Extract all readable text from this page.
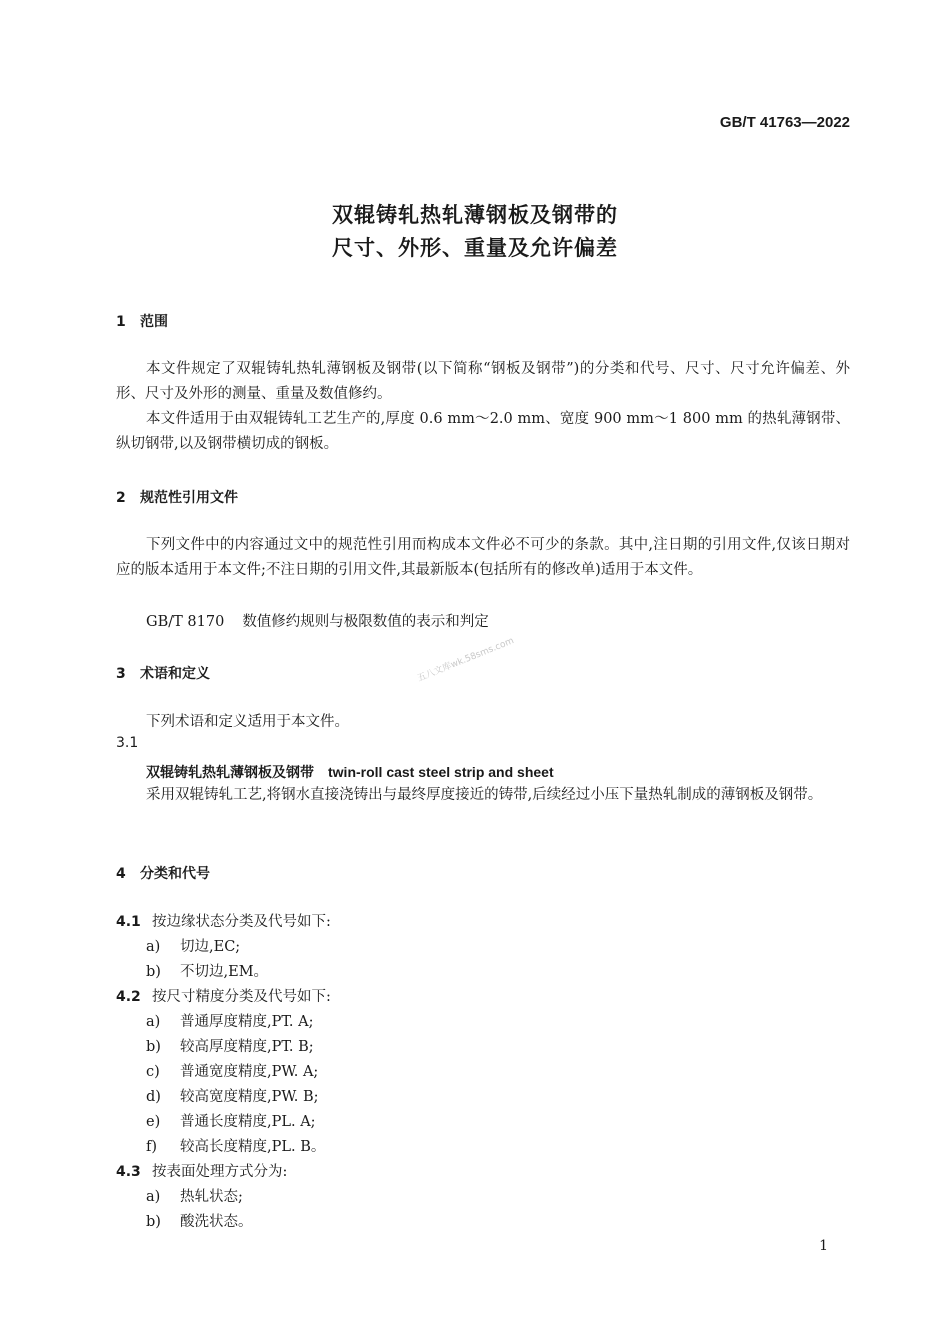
GB/T 41763—2022
双辊铸轧热轧薄钢板及钢带的
尺寸、外形、重量及允许偏差
1 范围
本文件规定了双辊铸轧热轧薄钢板及钢带(以下简称“钢板及钢带”)的分类和代号、尺寸、尺寸允许偏差、外形、尺寸及外形的测量、重量及数值修约。
本文件适用于由双辊铸轧工艺生产的,厚度 0.6 mm～2.0 mm、宽度 900 mm～1 800 mm 的热轧薄钢带、纵切钢带,以及钢带横切成的钢板。
2 规范性引用文件
下列文件中的内容通过文中的规范性引用而构成本文件必不可少的条款。其中,注日期的引用文件,仅该日期对应的版本适用于本文件;不注日期的引用文件,其最新版本(包括所有的修改单)适用于本文件。
GB/T 8170 数值修约规则与极限数值的表示和判定
3 术语和定义
下列术语和定义适用于本文件。
3.1
双辊铸轧热轧薄钢板及钢带 twin-roll cast steel strip and sheet
采用双辊铸轧工艺,将钢水直接浇铸出与最终厚度接近的铸带,后续经过小压下量热轧制成的薄钢板及钢带。
4 分类和代号
4.1 按边缘状态分类及代号如下:
a) 切边,EC;
b) 不切边,EM。
4.2 按尺寸精度分类及代号如下:
a) 普通厚度精度,PT. A;
b) 较高厚度精度,PT. B;
c) 普通宽度精度,PW. A;
d) 较高宽度精度,PW. B;
e) 普通长度精度,PL. A;
f) 较高长度精度,PL. B。
4.3 按表面处理方式分为:
a) 热轧状态;
b) 酸洗状态。
五八文库wk.58sms.com
1
